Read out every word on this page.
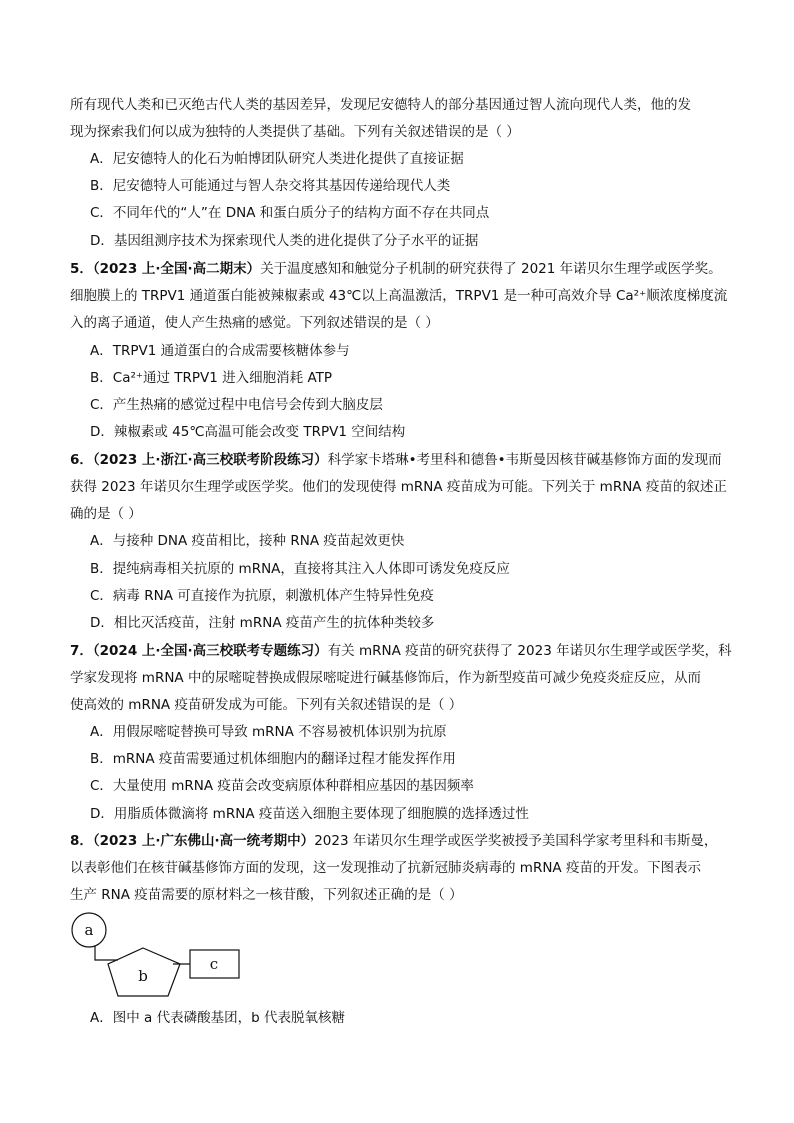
所有现代人类和已灭绝古代人类的基因差异，发现尼安德特人的部分基因通过智人流向现代人类，他的发
现为探索我们何以成为独特的人类提供了基础。下列有关叙述错误的是（ ）
A．尼安德特人的化石为帕博团队研究人类进化提供了直接证据
B．尼安德特人可能通过与智人杂交将其基因传递给现代人类
C．不同年代的“人”在 DNA 和蛋白质分子的结构方面不存在共同点
D．基因组测序技术为探索现代人类的进化提供了分子水平的证据
5．（2023 上·全国·高二期末）关于温度感知和触觉分子机制的研究获得了 2021 年诺贝尔生理学或医学奖。
细胞膜上的 TRPV1 通道蛋白能被辣椒素或 43℃以上高温激活，TRPV1 是一种可高效介导 Ca²⁺顺浓度梯度流
入的离子通道，使人产生热痛的感觉。下列叙述错误的是（ ）
A．TRPV1 通道蛋白的合成需要核糖体参与
B．Ca²⁺通过 TRPV1 进入细胞消耗 ATP
C．产生热痛的感觉过程中电信号会传到大脑皮层
D．辣椒素或 45℃高温可能会改变 TRPV1 空间结构
6．（2023 上·浙江·高三校联考阶段练习）科学家卡塔琳•考里科和德鲁•韦斯曼因核苷碱基修饰方面的发现而
获得 2023 年诺贝尔生理学或医学奖。他们的发现使得 mRNA 疫苗成为可能。下列关于 mRNA 疫苗的叙述正
确的是（ ）
A．与接种 DNA 疫苗相比，接种 RNA 疫苗起效更快
B．提纯病毒相关抗原的 mRNA，直接将其注入人体即可诱发免疫反应
C．病毒 RNA 可直接作为抗原，刺激机体产生特异性免疫
D．相比灭活疫苗，注射 mRNA 疫苗产生的抗体种类较多
7．（2024 上·全国·高三校联考专题练习）有关 mRNA 疫苗的研究获得了 2023 年诺贝尔生理学或医学奖，科
学家发现将 mRNA 中的尿嘧啶替换成假尿嘧啶进行碱基修饰后，作为新型疫苗可减少免疫炎症反应，从而
使高效的 mRNA 疫苗研发成为可能。下列有关叙述错误的是（ ）
A．用假尿嘧啶替换可导致 mRNA 不容易被机体识别为抗原
B．mRNA 疫苗需要通过机体细胞内的翻译过程才能发挥作用
C．大量使用 mRNA 疫苗会改变病原体种群相应基因的基因频率
D．用脂质体微滴将 mRNA 疫苗送入细胞主要体现了细胞膜的选择透过性
8．（2023 上·广东佛山·高一统考期中）2023 年诺贝尔生理学或医学奖被授予美国科学家考里科和韦斯曼，
以表彰他们在核苷碱基修饰方面的发现，这一发现推动了抗新冠肺炎病毒的 mRNA 疫苗的开发。下图表示
生产 RNA 疫苗需要的原材料之一核苷酸，下列叙述正确的是（ ）
a
b
c
A．图中 a 代表磷酸基团，b 代表脱氧核糖
